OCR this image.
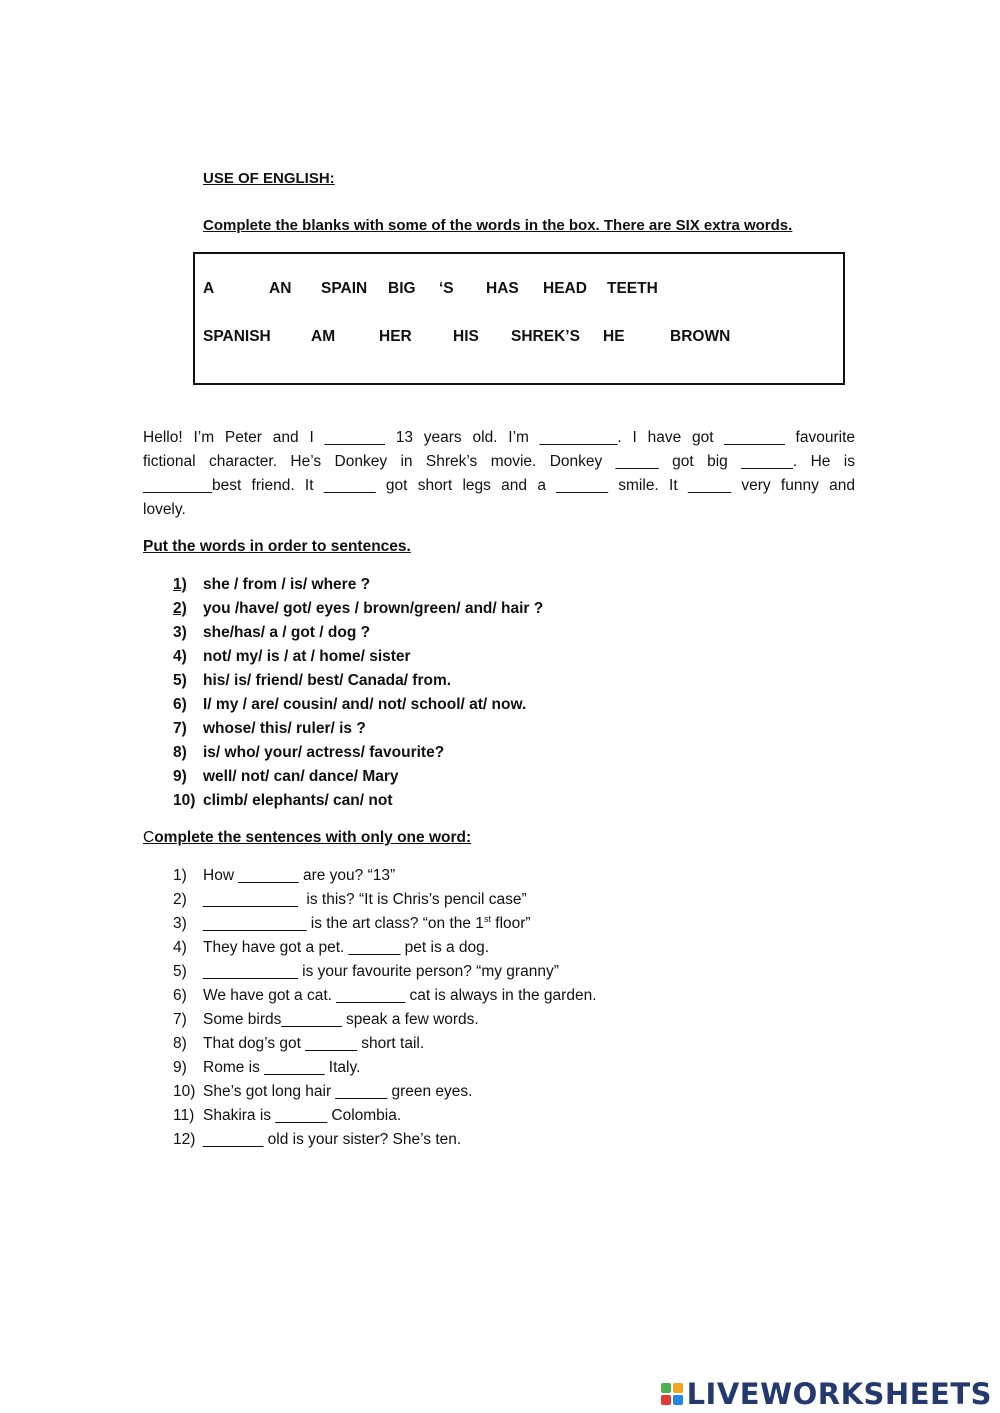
USE OF ENGLISH:
Complete the blanks with some of the words in the box. There are SIX extra words.
A	AN SPAIN BIG ‘S HAS HEAD TEETH
SPANISH	AM	HER	HIS SHREK’S HE	BROWN
Hello! I’m Peter and I _______ 13 years old. I’m _________. I have got _______ favourite
fictional character. He’s Donkey in Shrek’s movie. Donkey _____ got big ______. He is
________best friend. It ______ got short legs and a ______ smile. It _____ very funny and
lovely.
Put the words in order to sentences.
1)	she / from / is/ where ?
2)	you /have/ got/ eyes / brown/green/ and/ hair ?
3)	she/has/ a / got / dog ?
4)	not/ my/ is / at / home/ sister
5)	his/ is/ friend/ best/ Canada/ from.
6)	I/ my / are/ cousin/ and/ not/ school/ at/ now.
7)	whose/ this/ ruler/ is ?
8)	is/ who/ your/ actress/ favourite?
9)	well/ not/ can/ dance/ Mary
10) climb/ elephants/ can/ not
Complete the sentences with only one word:
1)	How _______ are you? “13”
2)	___________  is this? “It is Chris’s pencil case”
3)	____________ is the art class? “on the 1st floor”
4)	They have got a pet. ______ pet is a dog.
5)	___________ is your favourite person? “my granny”
6)	We have got a cat. ________ cat is always in the garden.
7)	Some birds_______ speak a few words.
8)	That dog’s got ______ short tail.
9)	Rome is _______ Italy.
10) She’s got long hair ______ green eyes.
11) Shakira is ______ Colombia.
12) _______ old is your sister? She’s ten.
LIVEWORKSHEETS
